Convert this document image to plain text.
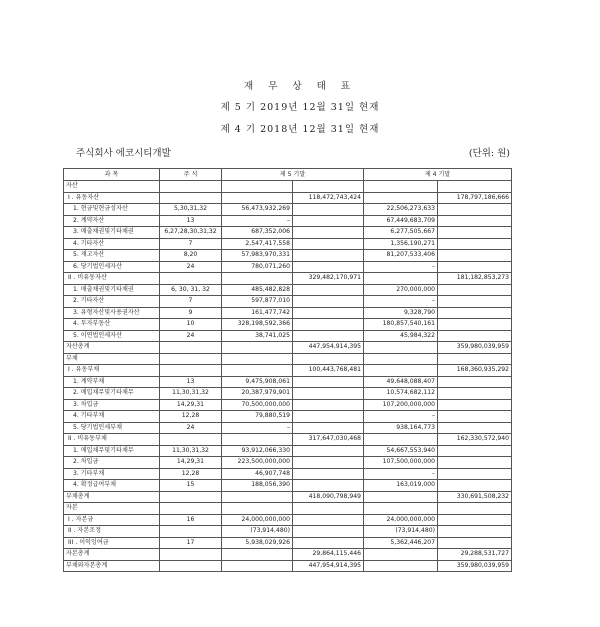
재 무 상 태 표
제 5 기 2019년 12월 31일 현재
제 4 기 2018년 12월 31일 현재
주식회사 에코시티개발	(단위: 원)
과 목	주 석	제 5 기말		제 4 기말	
자산					
I . 유동자산			118,472,743,424		178,797,186,666
1. 현금및현금성자산	5,30,31,32	56,473,932,269		22,506,273,633	
2. 계약자산	13	–		67,449,683,709	
3. 매출채권및기타채권	6,27,28,30,31,32	687,352,006		6,277,505,667	
4. 기타자산	7	2,547,417,558		1,356,190,271	
5. 재고자산	8,20	57,983,970,331		81,207,533,406	
6. 당기법인세자산	24	780,071,260		–	
II . 비유동자산			329,482,170,971		181,182,853,273
1. 매출채권및기타채권	6, 30, 31, 32	485,482,828		270,000,000	
2. 기타자산	7	597,877,010		–	
3. 유형자산및사용권자산	9	161,477,742		9,328,790	
4. 투자부동산	10	328,198,592,366		180,857,540,161	
5. 이연법인세자산	24	38,741,025		45,984,322	
자산총계			447,954,914,395		359,980,039,959
부채					
I . 유동부채			100,443,768,481		168,360,935,292
1. 계약부채	13	9,475,908,061		49,648,088,407	
2. 매입채무및기타채무	11,30,31,32	20,387,979,901		10,574,682,112	
3. 차입금	14,29,31	70,500,000,000		107,200,000,000	
4. 기타부채	12,28	79,880,519		–	
5. 당기법인세부채	24	–		938,164,773	
II . 비유동부채			317,647,030,468		162,330,572,940
1. 매입채무및기타채무	11,30,31,32	93,912,066,330		54,667,553,940	
2. 차입금	14,29,31	223,500,000,000		107,500,000,000	
3. 기타부채	12,28	46,907,748		–	
4. 확정급여부채	15	188,056,390		163,019,000	
부채총계			418,090,798,949		330,691,508,232
자본					
I . 자본금	16	24,000,000,000		24,000,000,000	
II . 자본조정		(73,914,480)		(73,914,480)	
III . 이익잉여금	17	5,938,029,926		5,362,446,207	
자본총계			29,864,115,446		29,288,531,727
부채와자본총계			447,954,914,395		359,980,039,959
